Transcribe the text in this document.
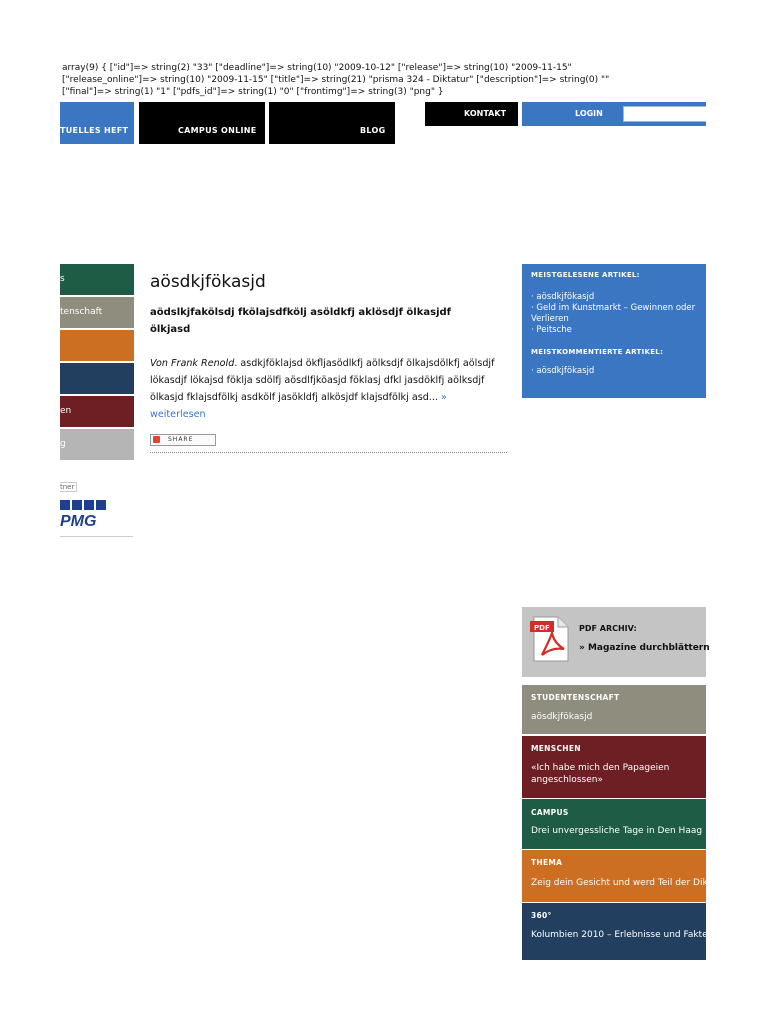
array(9) { ["id"]=> string(2) "33" ["deadline"]=> string(10) "2009-10-12" ["release"]=> string(10) "2009-11-15"
["release_online"]=> string(10) "2009-11-15" ["title"]=> string(21) "prisma 324 - Diktatur" ["description"]=> string(0) ""
["final"]=> string(1) "1" ["pdfs_id"]=> string(1) "0" ["frontimg"]=> string(3) "png" }
TUELLES HEFT	CAMPUS ONLINE	BLOG
KONTAKT	LOGIN
s
tenschaft
en
g
aösdkjfökasjd
aödslkjfakölsdj fkölajsdfkölj asöldkfj aklösdjf ölkasjdf ölkjasd
Von Frank Renold. asdkjföklajsd ökfljasödlkfj aölksdjf ölkajsdölkfj aölsdjf lökasdjf lökajsd föklja sdölfj aösdlfjköasjd föklasj dfkl jasdöklfj aölksdjf ölkasjd fklajsdfölkj asdkölf jasökldfj alkösjdf klajsdfölkj asd... » weiterlesen
SHARE
tner
PMG
MEISTGELESENE ARTIKEL:
· aösdkjfökasjd
· Geld im Kunstmarkt – Gewinnen oder
Verlieren
· Peitsche
MEISTKOMMENTIERTE ARTIKEL:
· aösdkjfökasjd
PDF	PDF ARCHIV:
» Magazine durchblättern
STUDENTENSCHAFT
aösdkjfökasjd
MENSCHEN
«Ich habe mich den Papageien angeschlossen»
CAMPUS
Drei unvergessliche Tage in Den Haag
THEMA
Zeig dein Gesicht und werd Teil der Diktatur
360°
Kolumbien 2010 – Erlebnisse und Fakten
